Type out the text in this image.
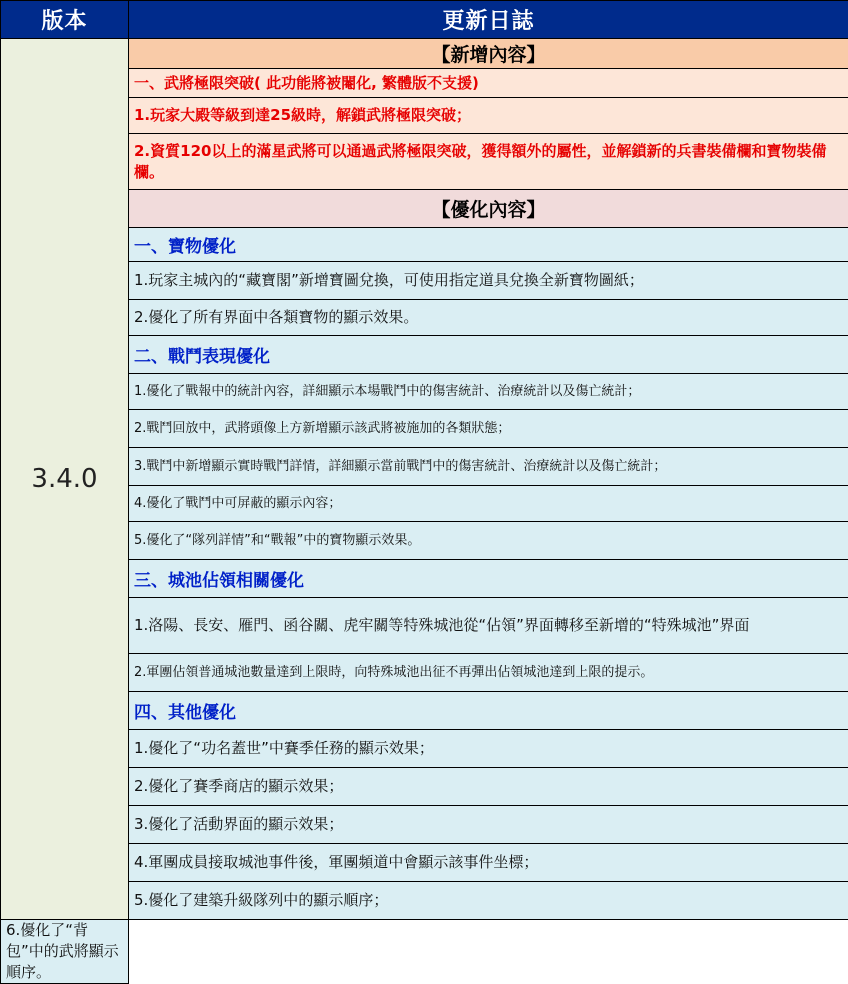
版本	更新日誌
3.4.0	【新增內容】
	一、武將極限突破( 此功能將被閹化, 繁體版不支援)
	1.玩家大殿等級到達25級時，解鎖武將極限突破；
	2.資質120以上的滿星武將可以通過武將極限突破，獲得額外的屬性，並解鎖新的兵書裝備欄和寶物裝備欄。
	【優化內容】
	一、寶物優化
	1.玩家主城內的“藏寶閣”新增寶圖兌換，可使用指定道具兌換全新寶物圖紙；
	2.優化了所有界面中各類寶物的顯示效果。
	二、戰鬥表現優化
	1.優化了戰報中的統計內容，詳細顯示本場戰鬥中的傷害統計、治療統計以及傷亡統計；
	2.戰鬥回放中，武將頭像上方新增顯示該武將被施加的各類狀態；
	3.戰鬥中新增顯示實時戰鬥詳情，詳細顯示當前戰鬥中的傷害統計、治療統計以及傷亡統計；
	4.優化了戰鬥中可屏蔽的顯示內容；
	5.優化了“隊列詳情”和“戰報”中的寶物顯示效果。
	三、城池佔領相關優化
	1.洛陽、長安、雁門、函谷關、虎牢關等特殊城池從“佔領”界面轉移至新增的“特殊城池”界面
	2.軍團佔領普通城池數量達到上限時，向特殊城池出征不再彈出佔領城池達到上限的提示。
	四、其他優化
	1.優化了“功名蓋世”中賽季任務的顯示效果；
	2.優化了賽季商店的顯示效果；
	3.優化了活動界面的顯示效果；
	4.軍團成員接取城池事件後，軍團頻道中會顯示該事件坐標；
	5.優化了建築升級隊列中的顯示順序；
6.優化了“背包”中的武將顯示順序。	
